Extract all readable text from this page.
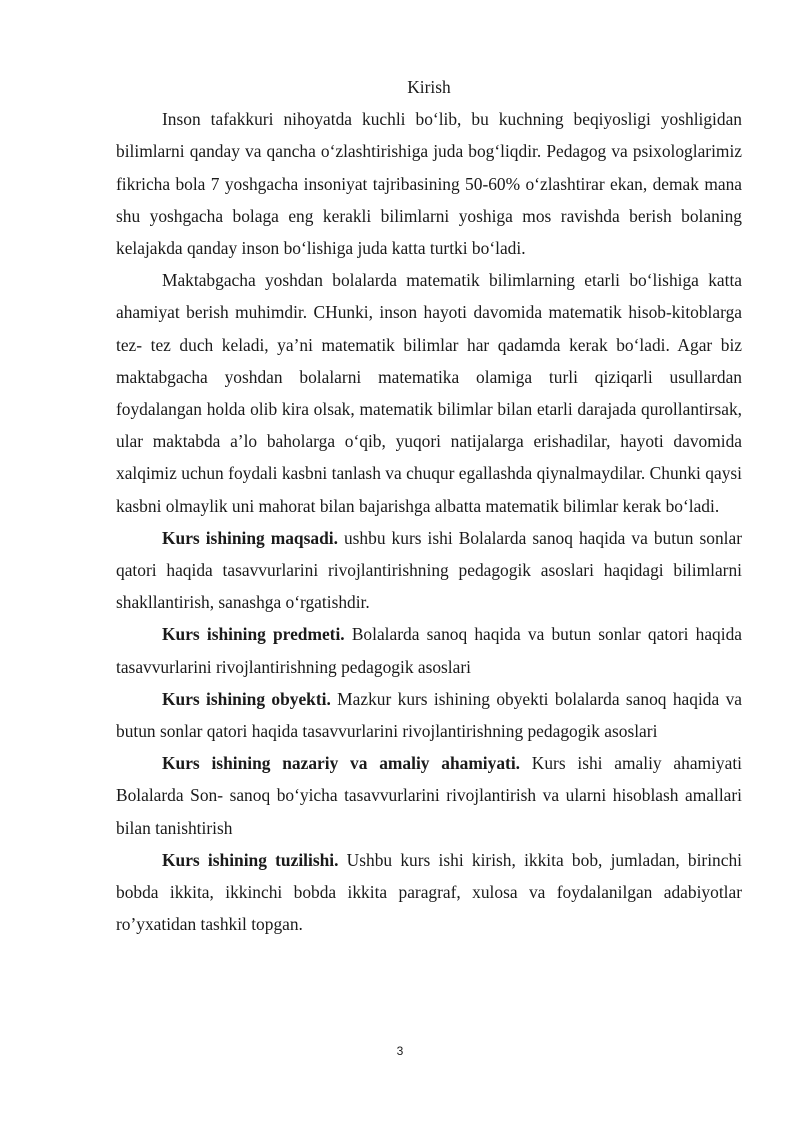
Kirish

Inson tafakkuri nihoyatda kuchli bo‘lib, bu kuchning beqiyosligi yoshligidan bilimlarni qanday va qancha o‘zlashtirishiga juda bog‘liqdir. Pedagog va psixologlarimiz fikricha bola 7 yoshgacha insoniyat tajribasining 50-60% o‘zlashtirar ekan, demak mana shu yoshgacha bolaga eng kerakli bilimlarni yoshiga mos ravishda berish bolaning kelajakda qanday inson bo‘lishiga juda katta turtki bo‘ladi.

Maktabgacha yoshdan bolalarda matematik bilimlarning etarli bo‘lishiga katta ahamiyat berish muhimdir. CHunki, inson hayoti davomida matematik hisob-kitoblarga tez- tez duch keladi, ya’ni matematik bilimlar har qadamda kerak bo‘ladi. Agar biz maktabgacha yoshdan bolalarni matematika olamiga turli qiziqarli usullardan foydalangan holda olib kira olsak, matematik bilimlar bilan etarli darajada qurollantirsak, ular maktabda a’lo baholarga o‘qib, yuqori natijalarga erishadilar, hayoti davomida xalqimiz uchun foydali kasbni tanlash va chuqur egallashda qiynalmaydilar. Chunki qaysi kasbni olmaylik uni mahorat bilan bajarishga albatta matematik bilimlar kerak bo‘ladi.

Kurs ishining maqsadi. ushbu kurs ishi Bolalarda sanoq haqida va butun sonlar qatori haqida tasavvurlarini rivojlantirishning pedagogik asoslari haqidagi bilimlarni shakllantirish, sanashga o‘rgatishdir.

Kurs ishining predmeti. Bolalarda sanoq haqida va butun sonlar qatori haqida tasavvurlarini rivojlantirishning pedagogik asoslari

Kurs ishining obyekti. Mazkur kurs ishining obyekti bolalarda sanoq haqida va butun sonlar qatori haqida tasavvurlarini rivojlantirishning pedagogik asoslari

Kurs ishining nazariy va amaliy ahamiyati. Kurs ishi amaliy ahamiyati Bolalarda Son- sanoq bo‘yicha tasavvurlarini rivojlantirish va ularni hisoblash amallari bilan tanishtirish

Kurs ishining tuzilishi. Ushbu kurs ishi kirish, ikkita bob, jumladan, birinchi bobda ikkita, ikkinchi bobda ikkita paragraf, xulosa va foydalanilgan adabiyotlar ro’yxatidan tashkil topgan.

3
